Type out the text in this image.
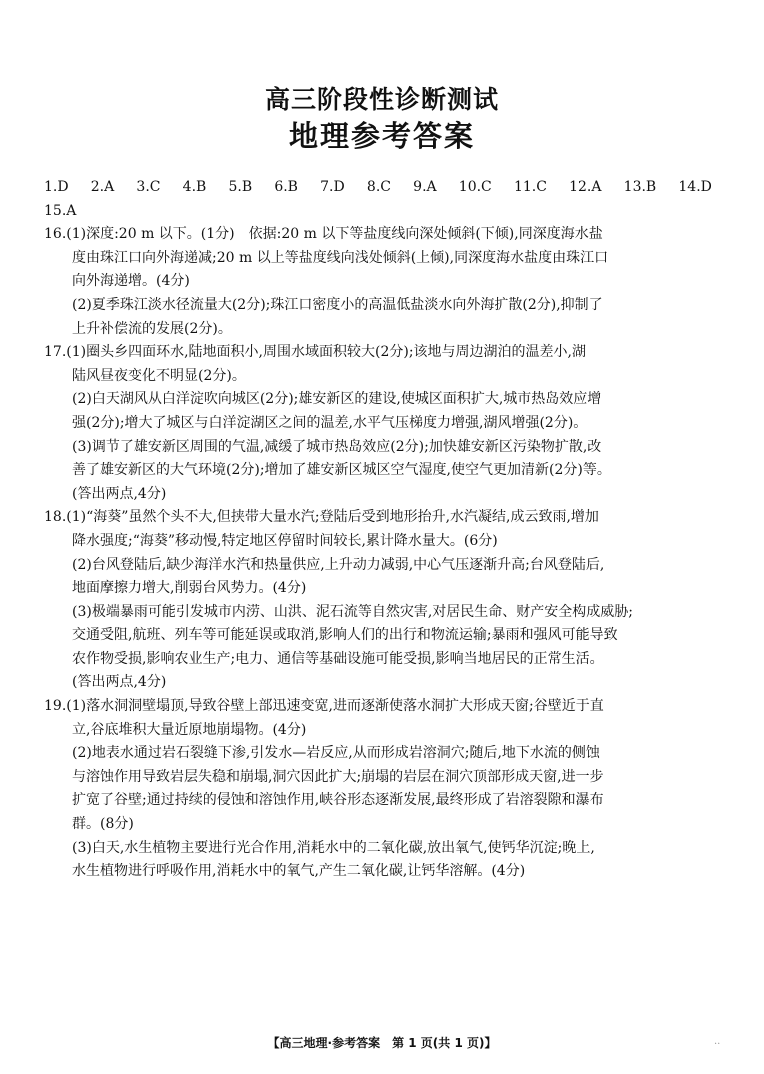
高三阶段性诊断测试
地理参考答案
1.D 2.A 3.C 4.B 5.B 6.B 7.D 8.C 9.A 10.C 11.C 12.A 13.B 14.D
15.A
16.(1)深度:20 m 以下。(1分)　依据:20 m 以下等盐度线向深处倾斜(下倾),同深度海水盐
度由珠江口向外海递减;20 m 以上等盐度线向浅处倾斜(上倾),同深度海水盐度由珠江口
向外海递增。(4分)
(2)夏季珠江淡水径流量大(2分);珠江口密度小的高温低盐淡水向外海扩散(2分),抑制了
上升补偿流的发展(2分)。
17.(1)圈头乡四面环水,陆地面积小,周围水域面积较大(2分);该地与周边湖泊的温差小,湖
陆风昼夜变化不明显(2分)。
(2)白天湖风从白洋淀吹向城区(2分);雄安新区的建设,使城区面积扩大,城市热岛效应增
强(2分);增大了城区与白洋淀湖区之间的温差,水平气压梯度力增强,湖风增强(2分)。
(3)调节了雄安新区周围的气温,减缓了城市热岛效应(2分);加快雄安新区污染物扩散,改
善了雄安新区的大气环境(2分);增加了雄安新区城区空气湿度,使空气更加清新(2分)等。
(答出两点,4分)
18.(1)“海葵”虽然个头不大,但挟带大量水汽;登陆后受到地形抬升,水汽凝结,成云致雨,增加
降水强度;“海葵”移动慢,特定地区停留时间较长,累计降水量大。(6分)
(2)台风登陆后,缺少海洋水汽和热量供应,上升动力减弱,中心气压逐渐升高;台风登陆后,
地面摩擦力增大,削弱台风势力。(4分)
(3)极端暴雨可能引发城市内涝、山洪、泥石流等自然灾害,对居民生命、财产安全构成威胁;
交通受阻,航班、列车等可能延误或取消,影响人们的出行和物流运输;暴雨和强风可能导致
农作物受损,影响农业生产;电力、通信等基础设施可能受损,影响当地居民的正常生活。
(答出两点,4分)
19.(1)落水洞洞壁塌顶,导致谷壁上部迅速变宽,进而逐渐使落水洞扩大形成天窗;谷壁近于直
立,谷底堆积大量近原地崩塌物。(4分)
(2)地表水通过岩石裂缝下渗,引发水—岩反应,从而形成岩溶洞穴;随后,地下水流的侧蚀
与溶蚀作用导致岩层失稳和崩塌,洞穴因此扩大;崩塌的岩层在洞穴顶部形成天窗,进一步
扩宽了谷壁;通过持续的侵蚀和溶蚀作用,峡谷形态逐渐发展,最终形成了岩溶裂隙和瀑布
群。(8分)
(3)白天,水生植物主要进行光合作用,消耗水中的二氧化碳,放出氧气,使钙华沉淀;晚上,
水生植物进行呼吸作用,消耗水中的氧气,产生二氧化碳,让钙华溶解。(4分)
【高三地理·参考答案　第 1 页(共 1 页)】	..
